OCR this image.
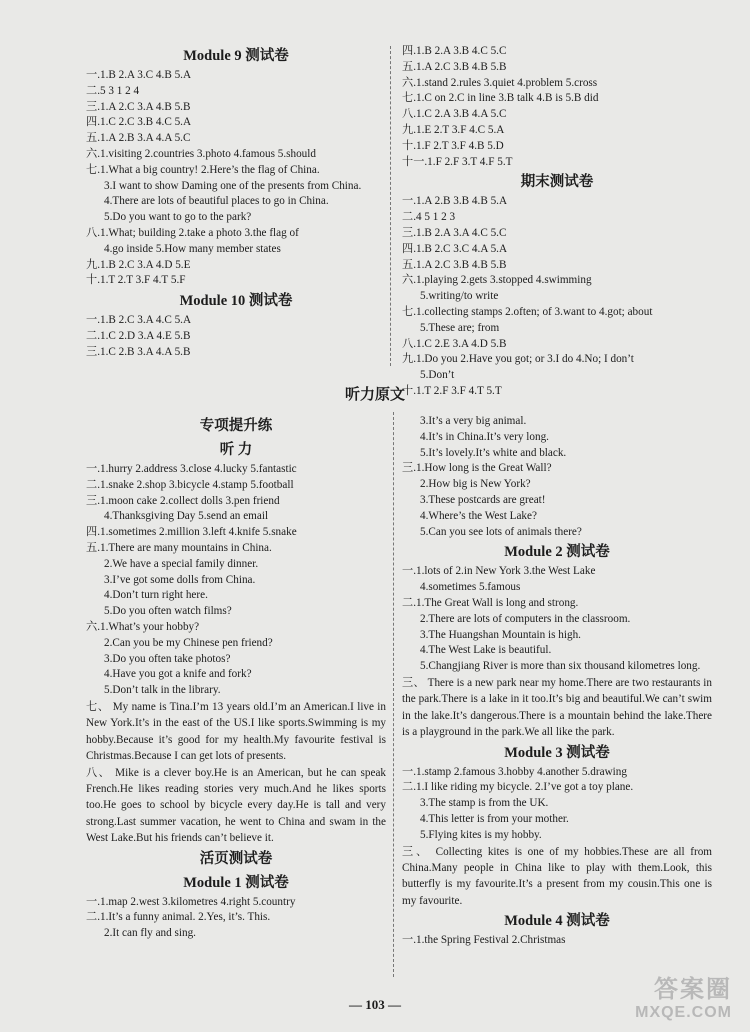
Module 9 测试卷
一.1.B 2.A 3.C 4.B 5.A
二.5 3 1 2 4
三.1.A 2.C 3.A 4.B 5.B
四.1.C 2.C 3.B 4.C 5.A
五.1.A 2.B 3.A 4.A 5.C
六.1.visiting 2.countries 3.photo 4.famous 5.should
七.1.What a big country! 2.Here’s the flag of China.
3.I want to show Daming one of the presents from China.
4.There are lots of beautiful places to go in China.
5.Do you want to go to the park?
八.1.What; building 2.take a photo 3.the flag of
4.go inside 5.How many member states
九.1.B 2.C 3.A 4.D 5.E
十.1.T 2.T 3.F 4.T 5.F
Module 10 测试卷
一.1.B 2.C 3.A 4.C 5.A
二.1.C 2.D 3.A 4.E 5.B
三.1.C 2.B 3.A 4.A 5.B
四.1.B 2.A 3.B 4.C 5.C
五.1.A 2.C 3.B 4.B 5.B
六.1.stand 2.rules 3.quiet 4.problem 5.cross
七.1.C on 2.C in line 3.B talk 4.B is 5.B did
八.1.C 2.A 3.B 4.A 5.C
九.1.E 2.T 3.F 4.C 5.A
十.1.F 2.T 3.F 4.B 5.D
十一.1.F 2.F 3.T 4.F 5.T
期末测试卷
一.1.A 2.B 3.B 4.B 5.A
二.4 5 1 2 3
三.1.B 2.A 3.A 4.C 5.C
四.1.B 2.C 3.C 4.A 5.A
五.1.A 2.C 3.B 4.B 5.B
六.1.playing 2.gets 3.stopped 4.swimming
5.writing/to write
七.1.collecting stamps 2.often; of 3.want to 4.got; about
5.These are; from
八.1.C 2.E 3.A 4.D 5.B
九.1.Do you 2.Have you got; or 3.I do 4.No; I don’t
5.Don’t
十.1.T 2.F 3.F 4.T 5.T
听力原文
专项提升练
听 力
一.1.hurry 2.address 3.close 4.lucky 5.fantastic
二.1.snake 2.shop 3.bicycle 4.stamp 5.football
三.1.moon cake 2.collect dolls 3.pen friend
4.Thanksgiving Day 5.send an email
四.1.sometimes 2.million 3.left 4.knife 5.snake
五.1.There are many mountains in China.
2.We have a special family dinner.
3.I’ve got some dolls from China.
4.Don’t turn right here.
5.Do you often watch films?
六.1.What’s your hobby?
2.Can you be my Chinese pen friend?
3.Do you often take photos?
4.Have you got a knife and fork?
5.Don’t talk in the library.
七、 My name is Tina.I’m 13 years old.I’m an American.I live in New York.It’s in the east of the US.I like sports.Swimming is my hobby.Because it’s good for my health.My favourite festival is Christmas.Because I can get lots of presents.
八、 Mike is a clever boy.He is an American, but he can speak French.He likes reading stories very much.And he likes sports too.He goes to school by bicycle every day.He is tall and very strong.Last summer vacation, he went to China and swam in the West Lake.But his friends can’t believe it.
活页测试卷
Module 1 测试卷
一.1.map 2.west 3.kilometres 4.right 5.country
二.1.It’s a funny animal. 2.Yes, it’s. This.
2.It can fly and sing.
3.It’s a very big animal.
4.It’s in China.It’s very long.
5.It’s lovely.It’s white and black.
三.1.How long is the Great Wall?
2.How big is New York?
3.These postcards are great!
4.Where’s the West Lake?
5.Can you see lots of animals there?
Module 2 测试卷
一.1.lots of 2.in New York 3.the West Lake
4.sometimes 5.famous
二.1.The Great Wall is long and strong.
2.There are lots of computers in the classroom.
3.The Huangshan Mountain is high.
4.The West Lake is beautiful.
5.Changjiang River is more than six thousand kilometres long.
三、 There is a new park near my home.There are two restaurants in the park.There is a lake in it too.It’s big and beautiful.We can’t swim in the lake.It’s dangerous.There is a mountain behind the lake.There is a playground in the park.We all like the park.
Module 3 测试卷
一.1.stamp 2.famous 3.hobby 4.another 5.drawing
二.1.I like riding my bicycle. 2.I’ve got a toy plane.
3.The stamp is from the UK.
4.This letter is from your mother.
5.Flying kites is my hobby.
三、 Collecting kites is one of my hobbies.These are all from China.Many people in China like to play with them.Look, this butterfly is my favourite.It’s a present from my cousin.This one is my favourite.
Module 4 测试卷
一.1.the Spring Festival 2.Christmas
— 103 —
答案圈
MXQE.COM
